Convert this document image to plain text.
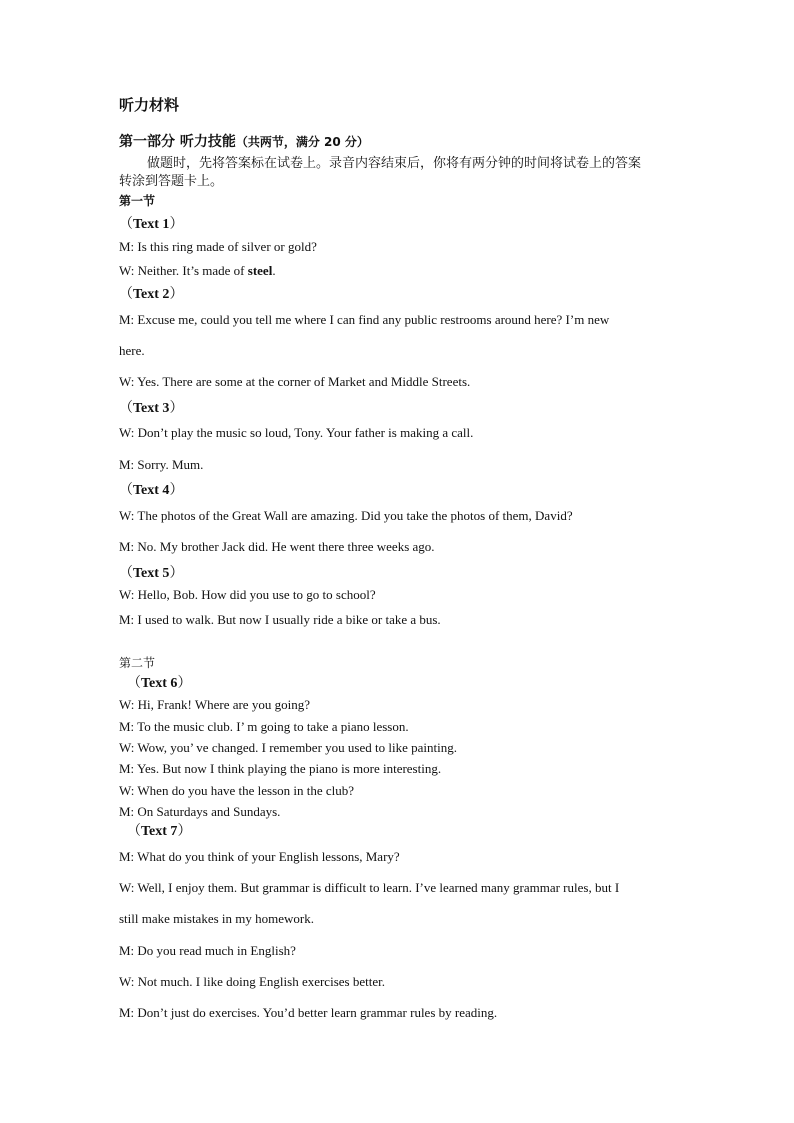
听力材料
第一部分 听力技能（共两节，满分 20 分）
做题时，先将答案标在试卷上。录音内容结束后，你将有两分钟的时间将试卷上的答案
转涂到答题卡上。
第一节
（Text 1）
M: Is this ring made of silver or gold?
W: Neither. It’s made of steel.
（Text 2）
M: Excuse me, could you tell me where I can find any public restrooms around here? I’m new
here.
W: Yes. There are some at the corner of Market and Middle Streets.
（Text 3）
W: Don’t play the music so loud, Tony. Your father is making a call.
M: Sorry. Mum.
（Text 4）
W: The photos of the Great Wall are amazing. Did you take the photos of them, David?
M: No. My brother Jack did. He went there three weeks ago.
（Text 5）
W: Hello, Bob. How did you use to go to school?
M: I used to walk. But now I usually ride a bike or take a bus.
第二节
（Text 6）
W: Hi, Frank! Where are you going?
M: To the music club. I’ m going to take a piano lesson.
W: Wow, you’ ve changed. I remember you used to like painting.
M: Yes. But now I think playing the piano is more interesting.
W: When do you have the lesson in the club?
M: On Saturdays and Sundays.
（Text 7）
M: What do you think of your English lessons, Mary?
W: Well, I enjoy them. But grammar is difficult to learn. I’ve learned many grammar rules, but I
still make mistakes in my homework.
M: Do you read much in English?
W: Not much. I like doing English exercises better.
M: Don’t just do exercises. You’d better learn grammar rules by reading.
